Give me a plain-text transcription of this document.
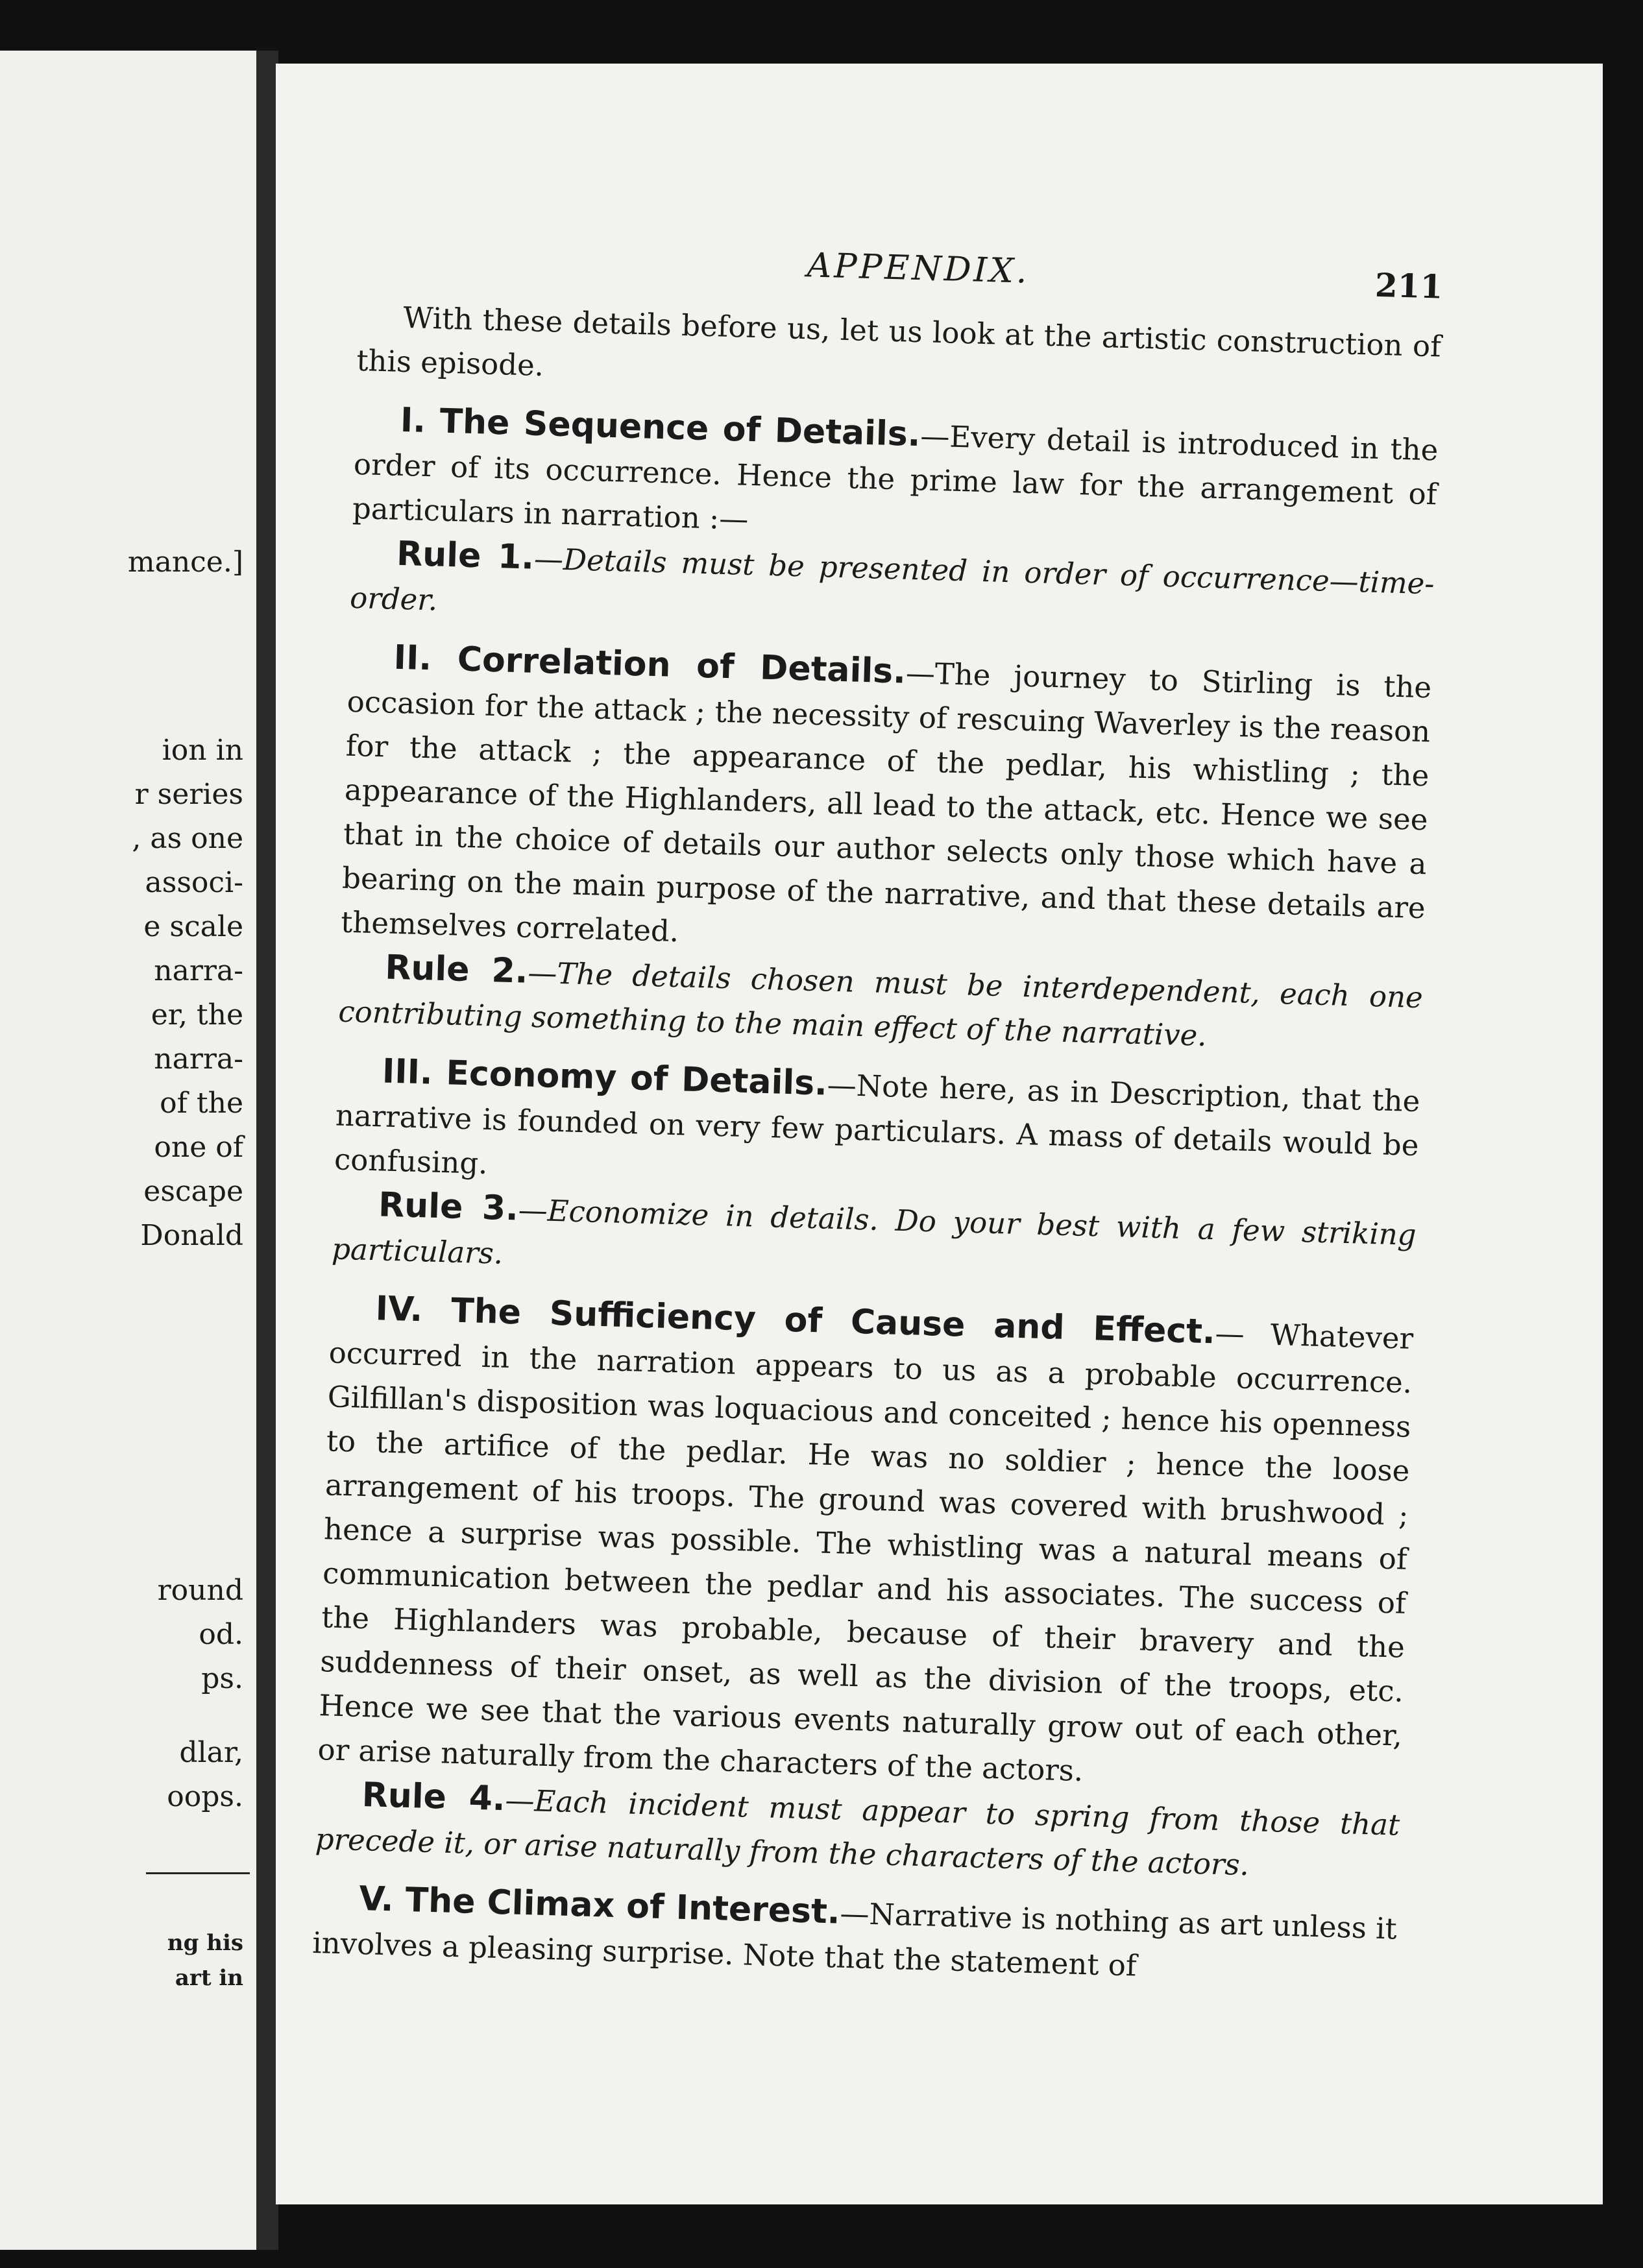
mance.]
ion in
r series
, as one
associ-
e scale
narra-
er, the
narra-
of the
one of
escape
Donald
round
od.
ps.
dlar,
oops.
ng his
art in
APPENDIX.	211

With these details before us, let us look at the artistic construction of this episode.

I. The Sequence of Details.—Every detail is introduced in the order of its occurrence. Hence the prime law for the arrangement of particulars in narration :—

Rule 1.—Details must be presented in order of occurrence—time-order.

II. Correlation of Details.—The journey to Stirling is the occasion for the attack ; the necessity of rescuing Waverley is the reason for the attack ; the appearance of the pedlar, his whistling ; the appearance of the Highlanders, all lead to the attack, etc. Hence we see that in the choice of details our author selects only those which have a bearing on the main purpose of the narrative, and that these details are themselves correlated.

Rule 2.—The details chosen must be interdependent, each one contributing something to the main effect of the narrative.

III. Economy of Details.—Note here, as in Description, that the narrative is founded on very few particulars. A mass of details would be confusing.

Rule 3.—Economize in details. Do your best with a few striking particulars.

IV. The Sufficiency of Cause and Effect.— Whatever occurred in the narration appears to us as a probable occurrence. Gilfillan's disposition was loquacious and conceited ; hence his openness to the artifice of the pedlar. He was no soldier ; hence the loose arrangement of his troops. The ground was covered with brushwood ; hence a surprise was possible. The whistling was a natural means of communication between the pedlar and his associates. The success of the Highlanders was probable, because of their bravery and the suddenness of their onset, as well as the division of the troops, etc. Hence we see that the various events naturally grow out of each other, or arise naturally from the characters of the actors.

Rule 4.—Each incident must appear to spring from those that precede it, or arise naturally from the characters of the actors.

V. The Climax of Interest.—Narrative is nothing as art unless it involves a pleasing surprise. Note that the statement of
